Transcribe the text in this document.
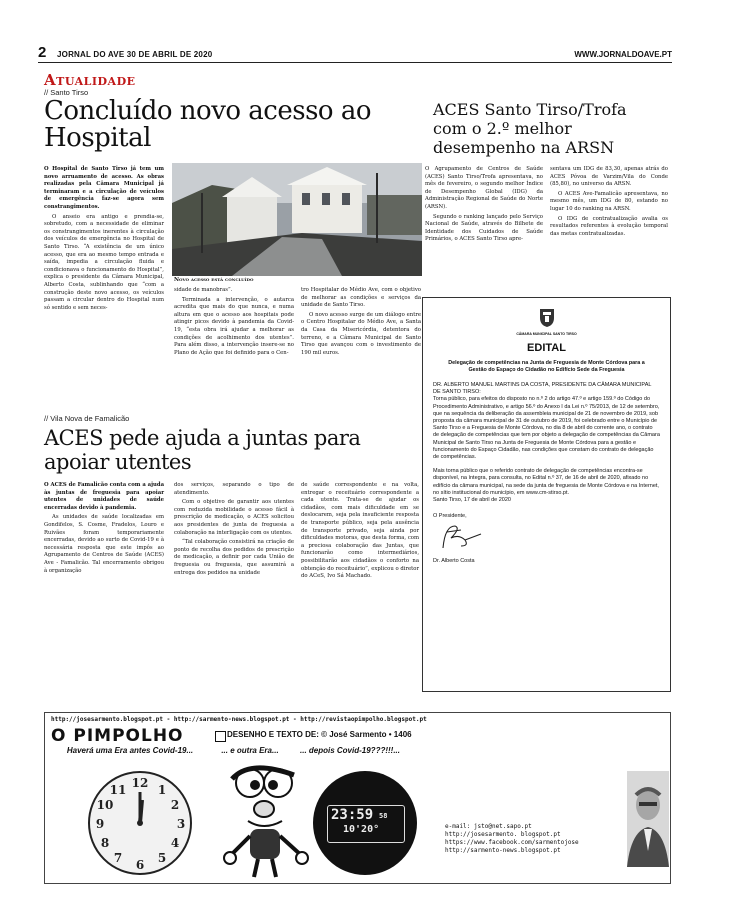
2 JORNAL DO AVE 30 DE ABRIL DE 2020	WWW.JORNALDOAVE.PT
Atualidade
// Santo Tirso
Concluído novo acesso ao Hospital

O Hospital de Santo Tirso já tem um novo arruamento de acesso. As obras realizadas pela Câmara Municipal já terminaram e a circulação de veículos de emergência faz-se agora sem constrangimentos.

O anseio era antigo e prendia-se, sobretudo, com a necessidade de eliminar os constrangimentos inerentes à circulação dos veículos de emergência no Hospital de Santo Tirso. “A existência de um único acesso, que era ao mesmo tempo entrada e saída, impedia a circulação fluida e condicionava o funcionamento do Hospital”, explica o presidente da Câmara Municipal, Alberto Costa, sublinhando que “com a construção deste novo acesso, os veículos passam a circular dentro do Hospital num só sentido e sem neces-

Novo acesso está concluído

sidade de manobras”.

Terminada a intervenção, o autarca acredita que mais do que nunca, e numa altura em que o acesso aos hospitais pode atingir picos devido à pandemia da Covid-19, “esta obra irá ajudar a melhorar as condições de acolhimento dos utentes”. Para além disso, a intervenção insere-se no Plano de Ação que foi definido para o Cen-

tro Hospitalar do Médio Ave, com o objetivo de melhorar as condições e serviços da unidade de Santo Tirso.

O novo acesso surge de um diálogo entre o Centro Hospitalar do Médio Ave, a Santa da Casa da Misericórdia, detentora do terreno, e a Câmara Municipal de Santo Tirso que avançou com o investimento de 190 mil euros.

ACES Santo Tirso/Trofa com o 2.º melhor desempenho na ARSN

O Agrupamento de Centros de Saúde (ACES) Santo Tirso/Trofa apresentava, no mês de fevereiro, o segundo melhor Índice de Desempenho Global (IDG) da Administração Regional de Saúde do Norte (ARSN).

Segundo o ranking lançado pelo Serviço Nacional de Saúde, através do Bilhete de Identidade dos Cuidados de Saúde Primários, o ACES Santo Tirso apre-

sentava um IDG de 83,30, apenas atrás do ACES Póvoa de Varzim/Vila do Conde (85,80), no universo da ARSN.

O ACES Ave-Famalicão apresentava, no mesmo mês, um IDG de 80, estando no lugar 10 do ranking na ARSN.

O IDG de contratualização avalia os resultados referentes à evolução temporal das metas contratualizadas.

CÂMARA MUNICIPAL SANTO TIRSO
EDITAL
Delegação de competências na Junta de Freguesia de Monte Córdova para a Gestão do Espaço do Cidadão no Edifício Sede da Freguesia
DR. ALBERTO MANUEL MARTINS DA COSTA, PRESIDENTE DA CÂMARA MUNICIPAL DE SANTO TIRSO:
Torna público, para efeitos do disposto no n.º 2 do artigo 47.º e artigo 159.º do Código do Procedimento Administrativo, e artigo 56.º do Anexo I da Lei n.º 75/2013, de 12 de setembro, que na sequência da deliberação da assembleia municipal de 21 de novembro de 2019, sob proposta da câmara municipal de 31 de outubro de 2019, foi celebrado entre o Município de Santo Tirso e a Freguesia de Monte Córdova, no dia 8 de abril do corrente ano, o contrato de delegação de competências que tem por objeto a delegação de competências da Câmara Municipal de Santo Tirso na Junta de Freguesia de Monte Córdova para a gestão e funcionamento do Espaço Cidadão, nas condições que constam do contrato de delegação de competências.
Mais torna público que o referido contrato de delegação de competências encontra-se disponível, na íntegra, para consulta, no Edital n.º 37, de 16 de abril de 2020, afixado no edifício da câmara municipal, na sede da junta de freguesia de Monte Córdova e na Internet, no sítio institucional do município, em www.cm-stirso.pt.
Santo Tirso, 17 de abril de 2020
O Presidente,
Dr. Alberto Costa
// Vila Nova de Famalicão
ACES pede ajuda a juntas para apoiar utentes

O ACES de Famalicão conta com a ajuda às juntas de freguesia para apoiar utentes de unidades de saúde encerradas devido à pandemia.

As unidades de saúde localizadas em Gondifelos, S. Cosme, Fradelos, Louro e Ruivães foram temporariamente encerradas, devido ao surto de Covid-19 e à necessária resposta que este impôs ao Agrupamento de Centros de Saúde (ACES) Ave - Famalicão. Tal encerramento obrigou à organização

dos serviços, separando o tipo de atendimento.

Com o objetivo de garantir aos utentes com reduzida mobilidade o acesso fácil à prescrição de medicação, o ACES solicitou aos presidentes de junta de freguesia a colaboração na interligação com os utentes.

“Tal colaboração consistirá na criação de ponto de recolha dos pedidos de prescrição de medicação, a definir por cada União de freguesia ou freguesia, que assumirá a entrega dos pedidos na unidade

de saúde correspondente e na volta, entregar o receituário correspondente a cada utente. Trata-se de ajudar os cidadãos, com mais dificuldade em se deslocarem, seja pela insuficiente resposta de transporte público, seja pela ausência de transporte privado, seja ainda por dificuldades motoras, que desta forma, com a preciosa colaboração das Juntas, que funcionarão como intermediários, possibilitarão aos cidadãos o conforto na obtenção do receituário”, explicou o diretor do ACeS, Ivo Sá Machado.

http://josesarmento.blogspot.pt - http://sarmento-news.blogspot.pt - http://revistaopimpolho.blogspot.pt
O PIMPOLHO	DESENHO E TEXTO DE: © José Sarmento • 1406
Haverá uma Era antes Covid-19...	... e outra Era...	... depois Covid-19???!!!...
12 1
2
3
4
5
6
7
8
9
10
11
23:59 58
10'20°	e-mail: jsto@net.sapo.pt
http://josesarmento. blogspot.pt
https://www.facebook.com/sarmentojose
http://sarmento-news.blogspot.pt
